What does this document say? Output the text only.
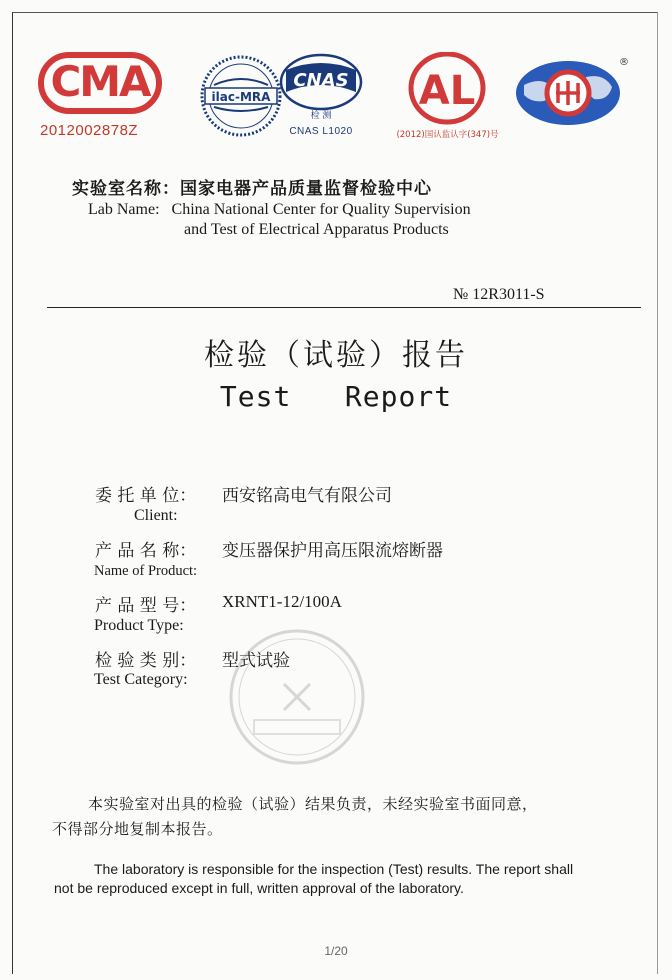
CMA
2012002878Z
ilac-MRA
CNAS
检 测
CNAS L1020
AL
(2012)国认监认字(347)号
®
实验室名称：国家电器产品质量监督检验中心
Lab Name: China National Center for Quality Supervision
and Test of Electrical Apparatus Products
№ 12R3011-S
检验（试验）报告
Test   Report
委 托 单 位： 西安铭高电气有限公司
Client:
产 品 名 称： 变压器保护用高压限流熔断器
Name of Product:
产 品 型 号： XRNT1-12/100A
Product Type:
检 验 类 别： 型式试验
Test Category:
本实验室对出具的检验（试验）结果负责，未经实验室书面同意，
不得部分地复制本报告。
The laboratory is responsible for the inspection (Test) results. The report shall
not be reproduced except in full, written approval of the laboratory.
1/20
